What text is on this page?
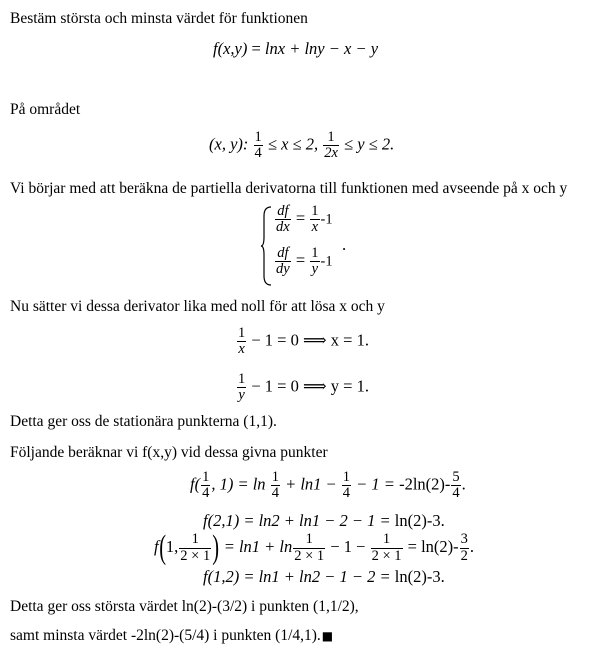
Bestäm största och minsta värdet för funktionen
f(x,y) = lnx + lny − x − y
På området
(x, y): $\frac{1}{4} \le x \le 2$, $\frac{1}{2x} \le y \le 2$.
Vi börjar med att beräkna de partiella derivatorna till funktionen med avseende på x och y
$\frac{df}{dx} = \frac{1}{x} -1$
$\frac{df}{dy} = \frac{1}{y} -1$
.
Nu sätter vi dessa derivator lika med noll för att lösa x och y
$\frac{1}{x} - 1 = 0$ ⟹ x = 1.
$\frac{1}{y} - 1 = 0$ ⟹ y = 1.
Detta ger oss de stationära punkterna (1,1).
Följande beräknar vi f(x,y) vid dessa givna punkter
$f( \frac{1}{4}$ , $1) = \ln \frac{1}{4} + \ln 1 - \frac{1}{4} - 1 = -2\ln(2)- \frac{5}{4}$ .
f(2,1) = ln2 + ln1 − 2 − 1 = ln(2)-3.
f(1, $\frac{1}{2 \times 1}$ ) = $\ln 1 + \ln \frac{1}{2 \times 1} - 1 - \frac{1}{2 \times 1} = \ln(2)- \frac{3}{2}$ .
f(1,2) = ln1 + ln2 − 1 − 2 = ln(2)-3.
Detta ger oss största värdet ln(2)-(3/2) i punkten (1,1/2),
samt minsta värdet -2ln(2)-(5/4) i punkten (1/4,1).■
